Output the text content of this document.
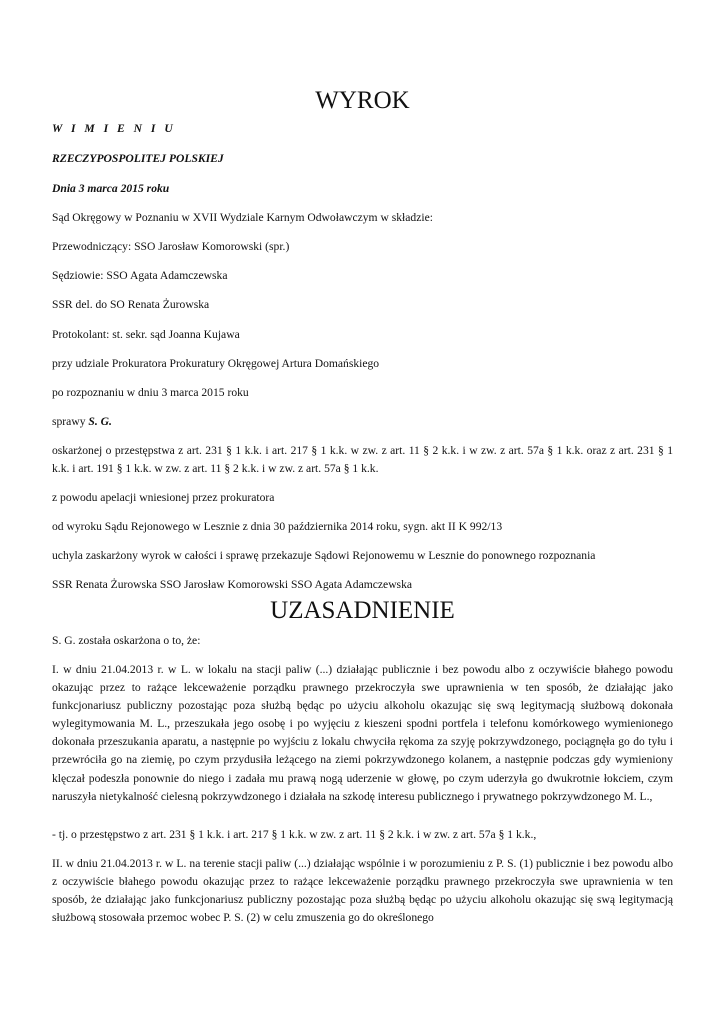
WYROK

W I M I E N I U

RZECZYPOSPOLITEJ POLSKIEJ

Dnia 3 marca 2015 roku

Sąd Okręgowy w Poznaniu w XVII Wydziale Karnym Odwoławczym w składzie:

Przewodniczący: SSO Jarosław Komorowski (spr.)

Sędziowie: SSO Agata Adamczewska

SSR del. do SO Renata Żurowska

Protokolant: st. sekr. sąd Joanna Kujawa

przy udziale Prokuratora Prokuratury Okręgowej Artura Domańskiego

po rozpoznaniu w dniu 3 marca 2015 roku

sprawy S. G.

oskarżonej o przestępstwa z art. 231 § 1 k.k. i art. 217 § 1 k.k. w zw. z art. 11 § 2 k.k. i w zw. z art. 57a § 1 k.k. oraz z art. 231 § 1 k.k. i art. 191 § 1 k.k. w zw. z art. 11 § 2 k.k. i w zw. z art. 57a § 1 k.k.

z powodu apelacji wniesionej przez prokuratora

od wyroku Sądu Rejonowego w Lesznie z dnia 30 października 2014 roku, sygn. akt II K 992/13

uchyla zaskarżony wyrok w całości i sprawę przekazuje Sądowi Rejonowemu w Lesznie do ponownego rozpoznania

SSR Renata Żurowska SSO Jarosław Komorowski SSO Agata Adamczewska

UZASADNIENIE

S. G. została oskarżona o to, że:

I. w dniu 21.04.2013 r. w L. w lokalu na stacji paliw (...) działając publicznie i bez powodu albo z oczywiście błahego powodu okazując przez to rażące lekceważenie porządku prawnego przekroczyła swe uprawnienia w ten sposób, że działając jako funkcjonariusz publiczny pozostając poza służbą będąc po użyciu alkoholu okazując się swą legitymacją służbową dokonała wylegitymowania M. L., przeszukała jego osobę i po wyjęciu z kieszeni spodni portfela i telefonu komórkowego wymienionego dokonała przeszukania aparatu, a następnie po wyjściu z lokalu chwyciła rękoma za szyję pokrzywdzonego, pociągnęła go do tyłu i przewróciła go na ziemię, po czym przydusiła leżącego na ziemi pokrzywdzonego kolanem, a następnie podczas gdy wymieniony klęczał podeszła ponownie do niego i zadała mu prawą nogą uderzenie w głowę, po czym uderzyła go dwukrotnie łokciem, czym naruszyła nietykalność cielesną pokrzywdzonego i działała na szkodę interesu publicznego i prywatnego pokrzywdzonego M. L.,

- tj. o przestępstwo z art. 231 § 1 k.k. i art. 217 § 1 k.k. w zw. z art. 11 § 2 k.k. i w zw. z art. 57a § 1 k.k.,

II. w dniu 21.04.2013 r. w L. na terenie stacji paliw (...) działając wspólnie i w porozumieniu z P. S. (1) publicznie i bez powodu albo z oczywiście błahego powodu okazując przez to rażące lekceważenie porządku prawnego przekroczyła swe uprawnienia w ten sposób, że działając jako funkcjonariusz publiczny pozostając poza służbą będąc po użyciu alkoholu okazując się swą legitymacją służbową stosowała przemoc wobec P. S. (2) w celu zmuszenia go do określonego
